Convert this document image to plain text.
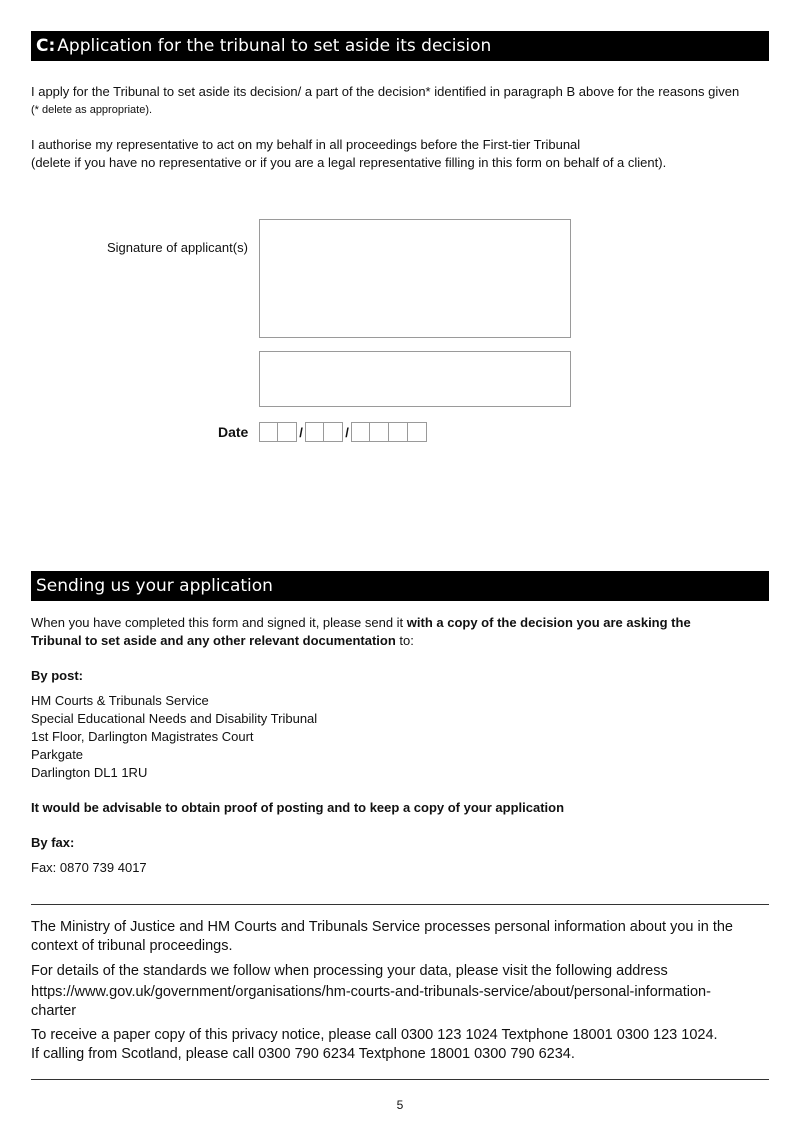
C: Application for the tribunal to set aside its decision
I apply for the Tribunal to set aside its decision/ a part of the decision* identified in paragraph B above for the reasons given
(* delete as appropriate).
I authorise my representative to act on my behalf in all proceedings before the First-tier Tribunal
(delete if you have no representative or if you are a legal representative filling in this form on behalf of a client).
Signature of applicant(s)
Date	/	/
Sending us your application
When you have completed this form and signed it, please send it with a copy of the decision you are asking the
Tribunal to set aside and any other relevant documentation to:
By post:
HM Courts & Tribunals Service
Special Educational Needs and Disability Tribunal
1st Floor, Darlington Magistrates Court
Parkgate
Darlington DL1 1RU
It would be advisable to obtain proof of posting and to keep a copy of your application
By fax:
Fax: 0870 739 4017
The Ministry of Justice and HM Courts and Tribunals Service processes personal information about you in the
context of tribunal proceedings.
For details of the standards we follow when processing your data, please visit the following address
https://www.gov.uk/government/organisations/hm-courts-and-tribunals-service/about/personal-information-
charter
To receive a paper copy of this privacy notice, please call 0300 123 1024 Textphone 18001 0300 123 1024.
If calling from Scotland, please call 0300 790 6234 Textphone 18001 0300 790 6234.
5
